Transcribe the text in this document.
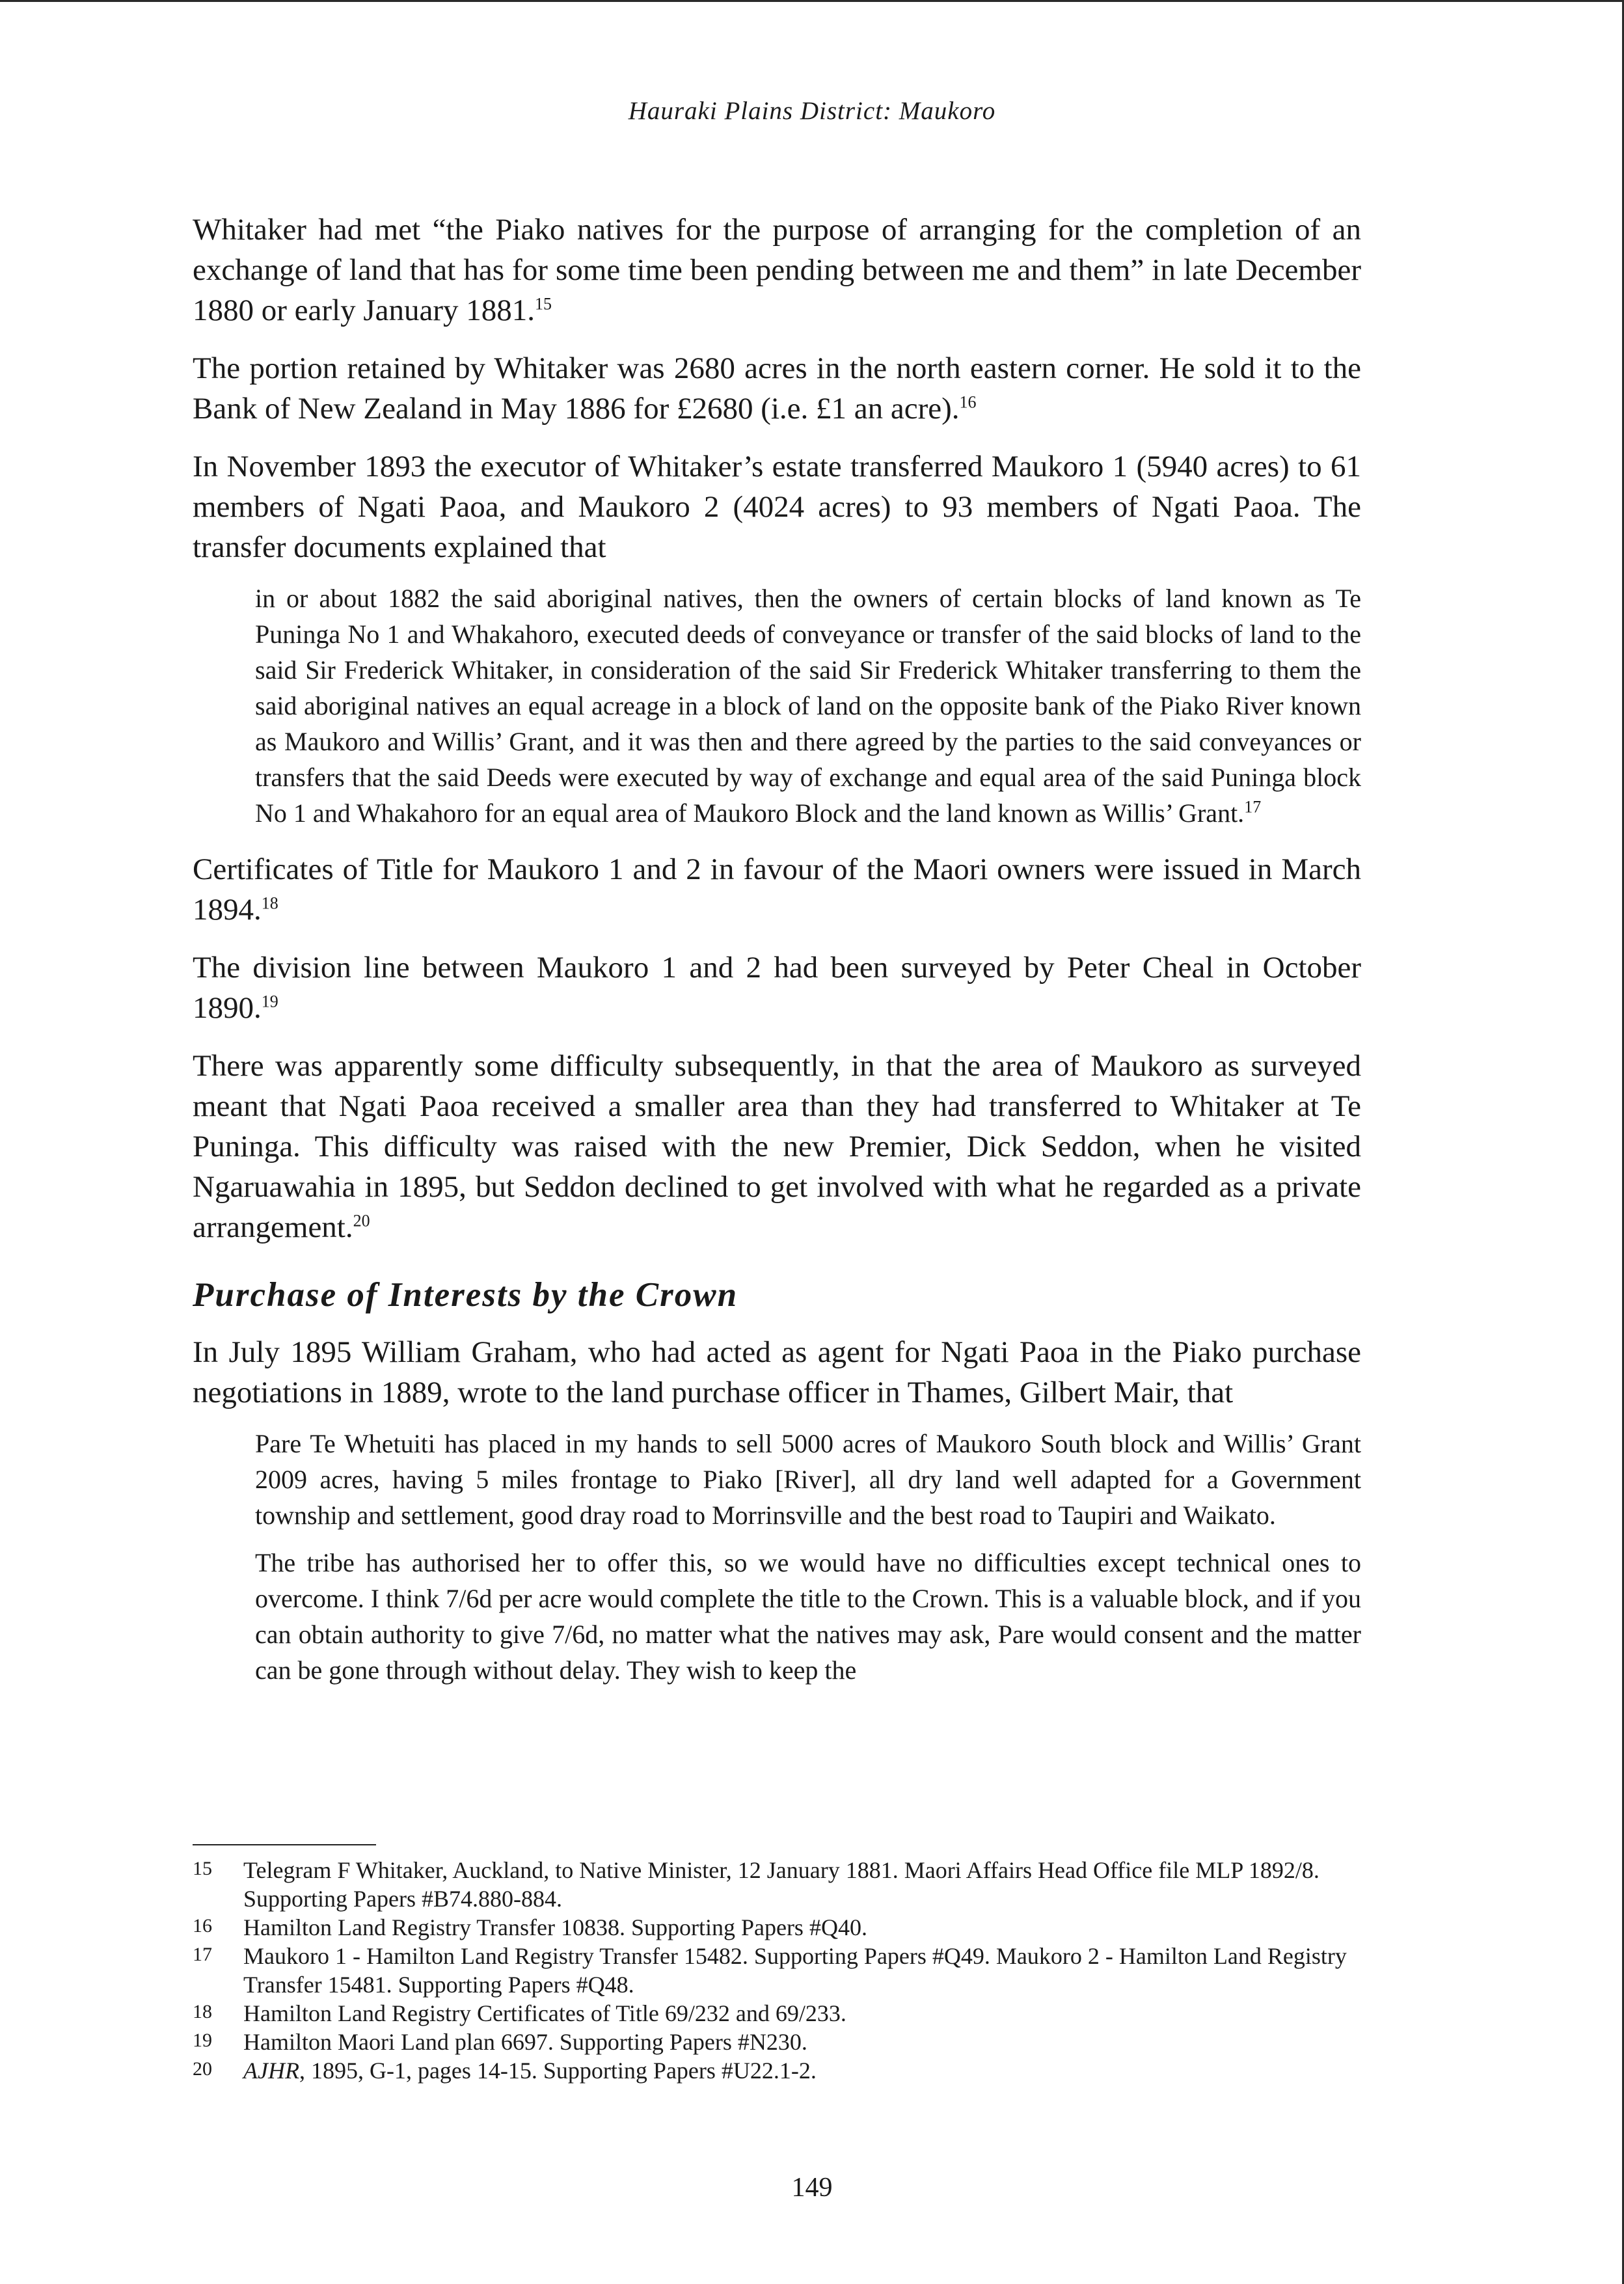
Hauraki Plains District: Maukoro

Whitaker had met “the Piako natives for the purpose of arranging for the completion of an exchange of land that has for some time been pending between me and them” in late December 1880 or early January 1881.15

The portion retained by Whitaker was 2680 acres in the north eastern corner. He sold it to the Bank of New Zealand in May 1886 for £2680 (i.e. £1 an acre).$^{16}$

In November 1893 the executor of Whitaker’s estate transferred Maukoro 1 (5940 acres) to 61 members of Ngati Paoa, and Maukoro 2 (4024 acres) to 93 members of Ngati Paoa. The transfer documents explained that

in or about 1882 the said aboriginal natives, then the owners of certain blocks of land known as Te Puninga No 1 and Whakahoro, executed deeds of conveyance or transfer of the said blocks of land to the said Sir Frederick Whitaker, in consideration of the said Sir Frederick Whitaker transferring to them the said aboriginal natives an equal acreage in a block of land on the opposite bank of the Piako River known as Maukoro and Willis’ Grant, and it was then and there agreed by the parties to the said conveyances or transfers that the said Deeds were executed by way of exchange and equal area of the said Puninga block No 1 and Whakahoro for an equal area of Maukoro Block and the land known as Willis’ Grant.$^{17}$

Certificates of Title for Maukoro 1 and 2 in favour of the Maori owners were issued in March 1894.18

The division line between Maukoro 1 and 2 had been surveyed by Peter Cheal in October 1890.19

There was apparently some difficulty subsequently, in that the area of Maukoro as surveyed meant that Ngati Paoa received a smaller area than they had transferred to Whitaker at Te Puninga. This difficulty was raised with the new Premier, Dick Seddon, when he visited Ngaruawahia in 1895, but Seddon declined to get involved with what he regarded as a private arrangement.$^{20}$

Purchase of Interests by the Crown

In July 1895 William Graham, who had acted as agent for Ngati Paoa in the Piako purchase negotiations in 1889, wrote to the land purchase officer in Thames, Gilbert Mair, that

Pare Te Whetuiti has placed in my hands to sell 5000 acres of Maukoro South block and Willis’ Grant 2009 acres, having 5 miles frontage to Piako [River], all dry land well adapted for a Government township and settlement, good dray road to Morrinsville and the best road to Taupiri and Waikato.
The tribe has authorised her to offer this, so we would have no difficulties except technical ones to overcome. I think 7/6d per acre would complete the title to the Crown. This is a valuable block, and if you can obtain authority to give 7/6d, no matter what the natives may ask, Pare would consent and the matter can be gone through without delay. They wish to keep the
15	Telegram F Whitaker, Auckland, to Native Minister, 12 January 1881. Maori Affairs Head Office file MLP 1892/8. Supporting Papers #B74.880-884.
16	Hamilton Land Registry Transfer 10838. Supporting Papers #Q40.
17	Maukoro 1 - Hamilton Land Registry Transfer 15482. Supporting Papers #Q49. Maukoro 2 - Hamilton Land Registry Transfer 15481. Supporting Papers #Q48.
18	Hamilton Land Registry Certificates of Title 69/232 and 69/233.
19	Hamilton Maori Land plan 6697. Supporting Papers #N230.
20	AJHR, 1895, G-1, pages 14-15. Supporting Papers #U22.1-2.
149
